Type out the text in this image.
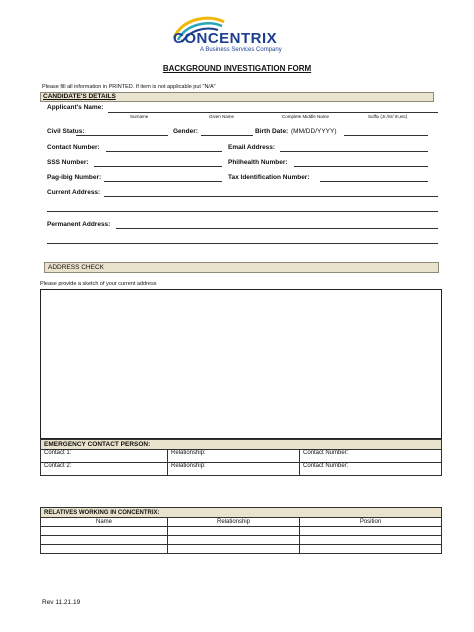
CONCENTRIX
A Business Services Company
BACKGROUND INVESTIGATION FORM
Please fill all information in PRINTED. If item is not applicable put "N/A"
CANDIDATE'S DETAILS
Applicant's Name:
Surname	Given Name	Complete Middle Name	Suffix (Jr./Sr/ III,etc)
Civil Status:	Gender:	Birth Date: (MM/DD/YYYY)
Contact Number:	Email Address:
SSS Number:	Philhealth Number:
Pag-ibig Number:	Tax Identification Number:
Current Address:
Permanent Address:
ADDRESS CHECK
Please provide a sketch of your current address
EMERGENCY CONTACT PERSON:		
Contact 1:	Relationship:	Contact Number:
Contact 2:	Relationship:	Contact Number:
RELATIVES WORKING IN CONCENTRIX:		
Name	Relationship	Position

Rev 11.21.19
